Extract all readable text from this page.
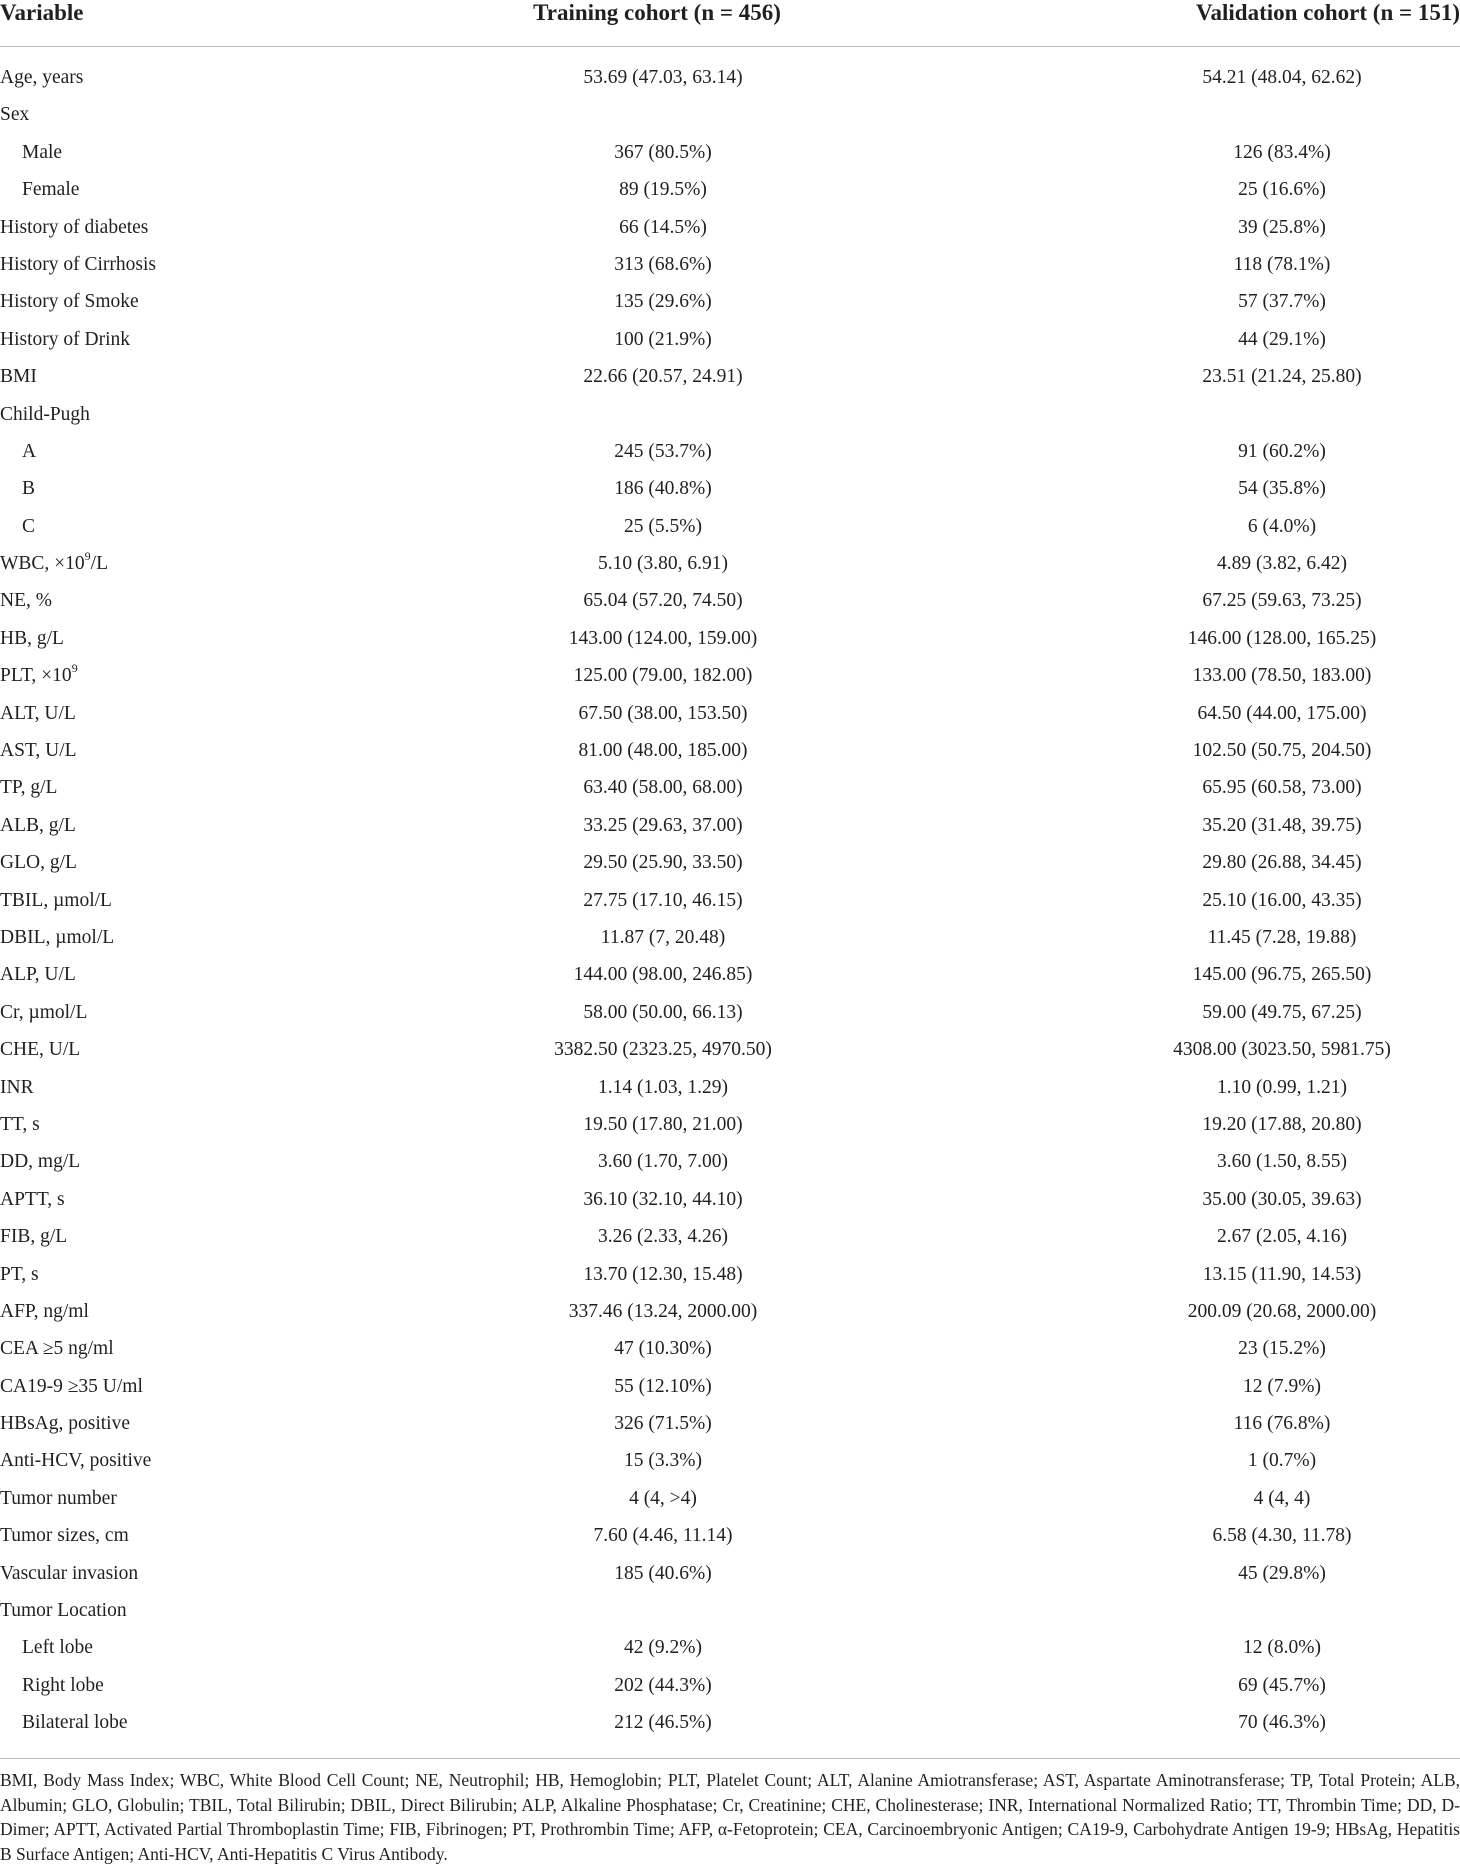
Variable	Training cohort (n = 456)	Validation cohort (n = 151)
Age, years	53.69 (47.03, 63.14)	54.21 (48.04, 62.62)
Sex
Male	367 (80.5%)	126 (83.4%)
Female	89 (19.5%)	25 (16.6%)
History of diabetes	66 (14.5%)	39 (25.8%)
History of Cirrhosis	313 (68.6%)	118 (78.1%)
History of Smoke	135 (29.6%)	57 (37.7%)
History of Drink	100 (21.9%)	44 (29.1%)
BMI	22.66 (20.57, 24.91)	23.51 (21.24, 25.80)
Child-Pugh
A	245 (53.7%)	91 (60.2%)
B	186 (40.8%)	54 (35.8%)
C	25 (5.5%)	6 (4.0%)
WBC, $\times 10^9/L$	5.10 (3.80, 6.91)	4.89 (3.82, 6.42)
NE, %	65.04 (57.20, 74.50)	67.25 (59.63, 73.25)
HB, g/L	143.00 (124.00, 159.00)	146.00 (128.00, 165.25)
PLT, $\times 10^9$	125.00 (79.00, 182.00)	133.00 (78.50, 183.00)
ALT, U/L	67.50 (38.00, 153.50)	64.50 (44.00, 175.00)
AST, U/L	81.00 (48.00, 185.00)	102.50 (50.75, 204.50)
TP, g/L	63.40 (58.00, 68.00)	65.95 (60.58, 73.00)
ALB, g/L	33.25 (29.63, 37.00)	35.20 (31.48, 39.75)
GLO, g/L	29.50 (25.90, 33.50)	29.80 (26.88, 34.45)
TBIL, µmol/L	27.75 (17.10, 46.15)	25.10 (16.00, 43.35)
DBIL, µmol/L	11.87 (7, 20.48)	11.45 (7.28, 19.88)
ALP, U/L	144.00 (98.00, 246.85)	145.00 (96.75, 265.50)
Cr, µmol/L	58.00 (50.00, 66.13)	59.00 (49.75, 67.25)
CHE, U/L	3382.50 (2323.25, 4970.50)	4308.00 (3023.50, 5981.75)
INR	1.14 (1.03, 1.29)	1.10 (0.99, 1.21)
TT, s	19.50 (17.80, 21.00)	19.20 (17.88, 20.80)
DD, mg/L	3.60 (1.70, 7.00)	3.60 (1.50, 8.55)
APTT, s	36.10 (32.10, 44.10)	35.00 (30.05, 39.63)
FIB, g/L	3.26 (2.33, 4.26)	2.67 (2.05, 4.16)
PT, s	13.70 (12.30, 15.48)	13.15 (11.90, 14.53)
AFP, ng/ml	337.46 (13.24, 2000.00)	200.09 (20.68, 2000.00)
CEA ≥5 ng/ml	47 (10.30%)	23 (15.2%)
CA19-9 ≥35 U/ml	55 (12.10%)	12 (7.9%)
HBsAg, positive	326 (71.5%)	116 (76.8%)
Anti-HCV, positive	15 (3.3%)	1 (0.7%)
Tumor number	4 (4, >4)	4 (4, 4)
Tumor sizes, cm	7.60 (4.46, 11.14)	6.58 (4.30, 11.78)
Vascular invasion	185 (40.6%)	45 (29.8%)
Tumor Location
Left lobe	42 (9.2%)	12 (8.0%)
Right lobe	202 (44.3%)	69 (45.7%)
Bilateral lobe	212 (46.5%)	70 (46.3%)
BMI, Body Mass Index; WBC, White Blood Cell Count; NE, Neutrophil; HB, Hemoglobin; PLT, Platelet Count; ALT, Alanine Amiotransferase; AST, Aspartate Aminotransferase; TP, Total Protein; ALB, Albumin; GLO, Globulin; TBIL, Total Bilirubin; DBIL, Direct Bilirubin; ALP, Alkaline Phosphatase; Cr, Creatinine; CHE, Cholinesterase; INR, International Normalized Ratio; TT, Thrombin Time; DD, D-Dimer; APTT, Activated Partial Thromboplastin Time; FIB, Fibrinogen; PT, Prothrombin Time; AFP, α-Fetoprotein; CEA, Carcinoembryonic Antigen; CA19-9, Carbohydrate Antigen 19-9; HBsAg, Hepatitis B Surface Antigen; Anti-HCV, Anti-Hepatitis C Virus Antibody.
